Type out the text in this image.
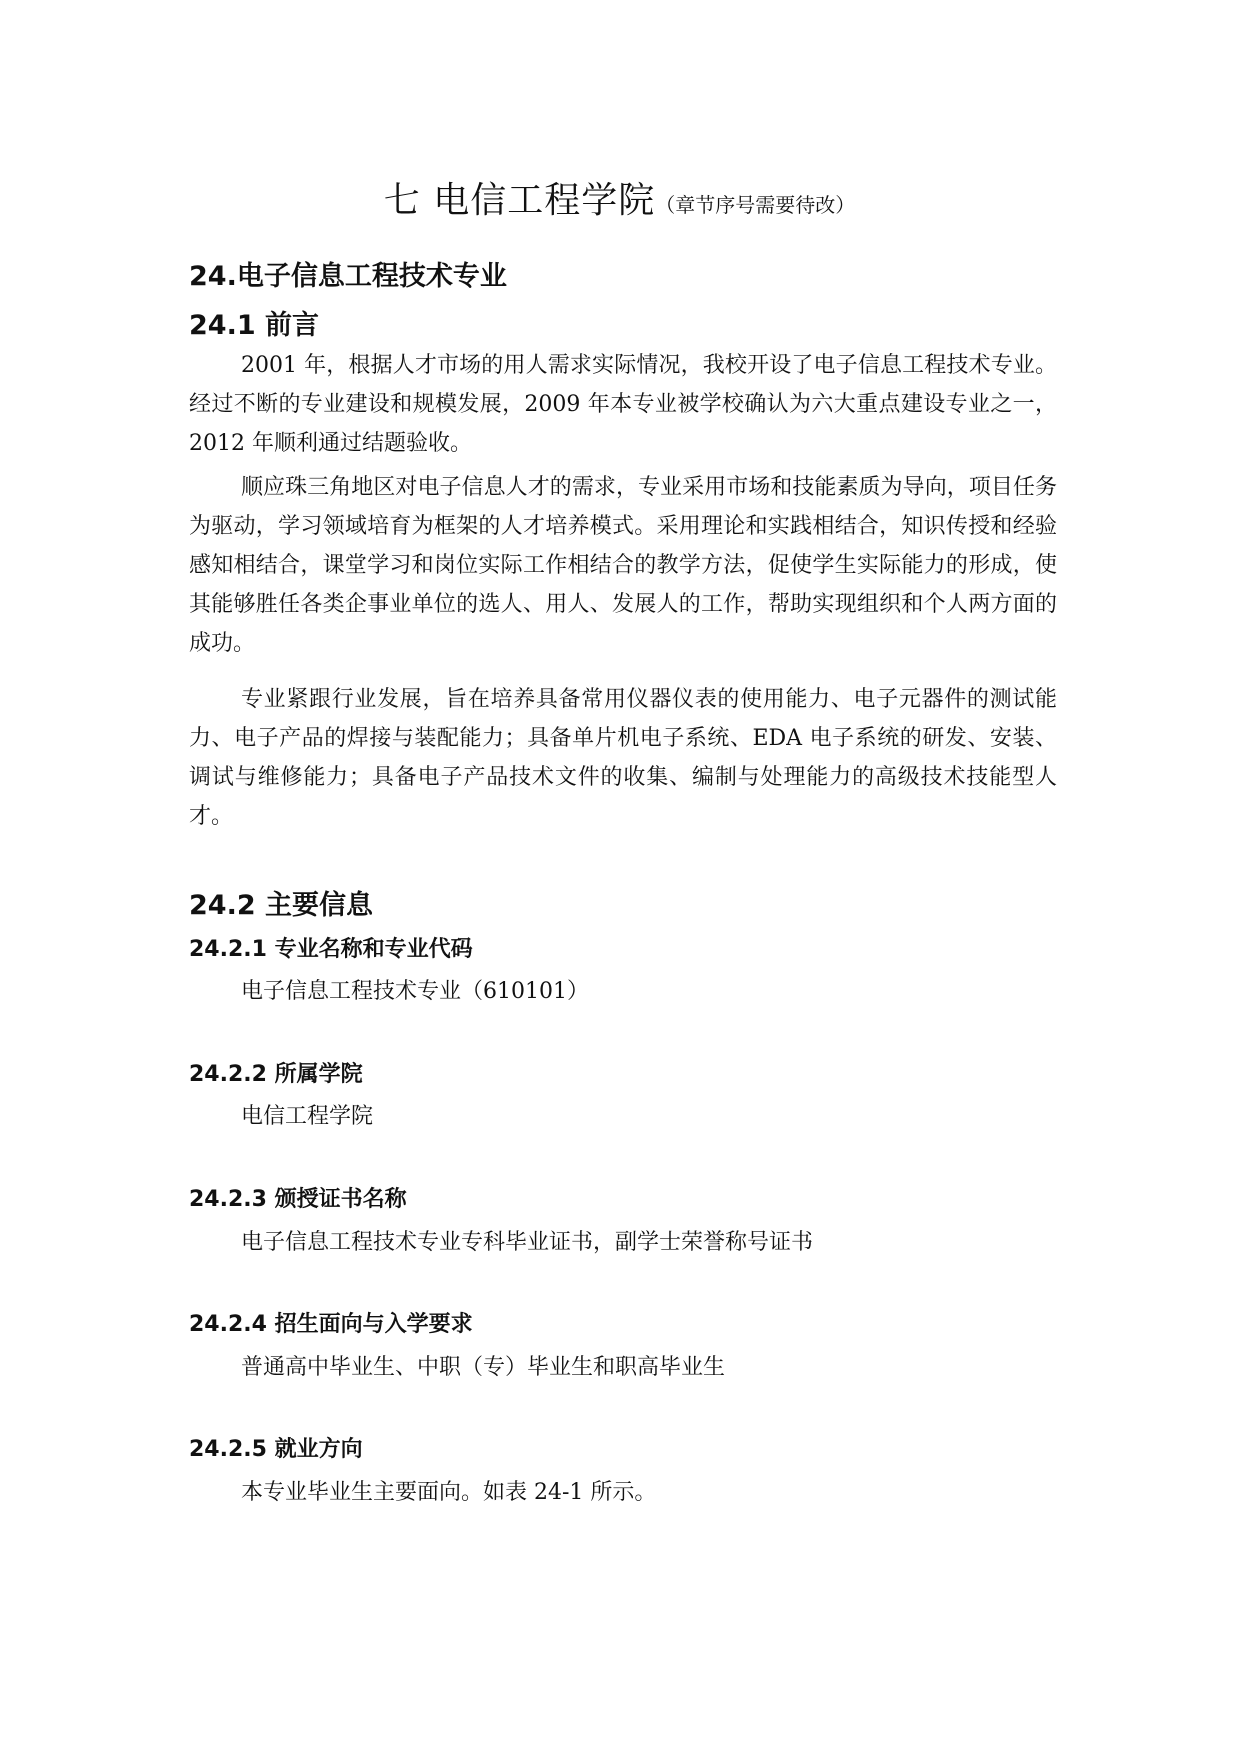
七 电信工程学院（章节序号需要待改）
24.电子信息工程技术专业
24.1 前言

2001 年，根据人才市场的用人需求实际情况，我校开设了电子信息工程技术专业。经过不断的专业建设和规模发展，2009 年本专业被学校确认为六大重点建设专业之一，2012 年顺利通过结题验收。

顺应珠三角地区对电子信息人才的需求，专业采用市场和技能素质为导向，项目任务为驱动，学习领域培育为框架的人才培养模式。采用理论和实践相结合，知识传授和经验感知相结合，课堂学习和岗位实际工作相结合的教学方法，促使学生实际能力的形成，使其能够胜任各类企事业单位的选人、用人、发展人的工作，帮助实现组织和个人两方面的成功。

专业紧跟行业发展，旨在培养具备常用仪器仪表的使用能力、电子元器件的测试能力、电子产品的焊接与装配能力；具备单片机电子系统、EDA 电子系统的研发、安装、调试与维修能力；具备电子产品技术文件的收集、编制与处理能力的高级技术技能型人才。

24.2 主要信息
24.2.1 专业名称和专业代码

电子信息工程技术专业（610101）

24.2.2 所属学院

电信工程学院

24.2.3 颁授证书名称

电子信息工程技术专业专科毕业证书，副学士荣誉称号证书

24.2.4 招生面向与入学要求

普通高中毕业生、中职（专）毕业生和职高毕业生

24.2.5 就业方向

本专业毕业生主要面向。如表 24-1 所示。
